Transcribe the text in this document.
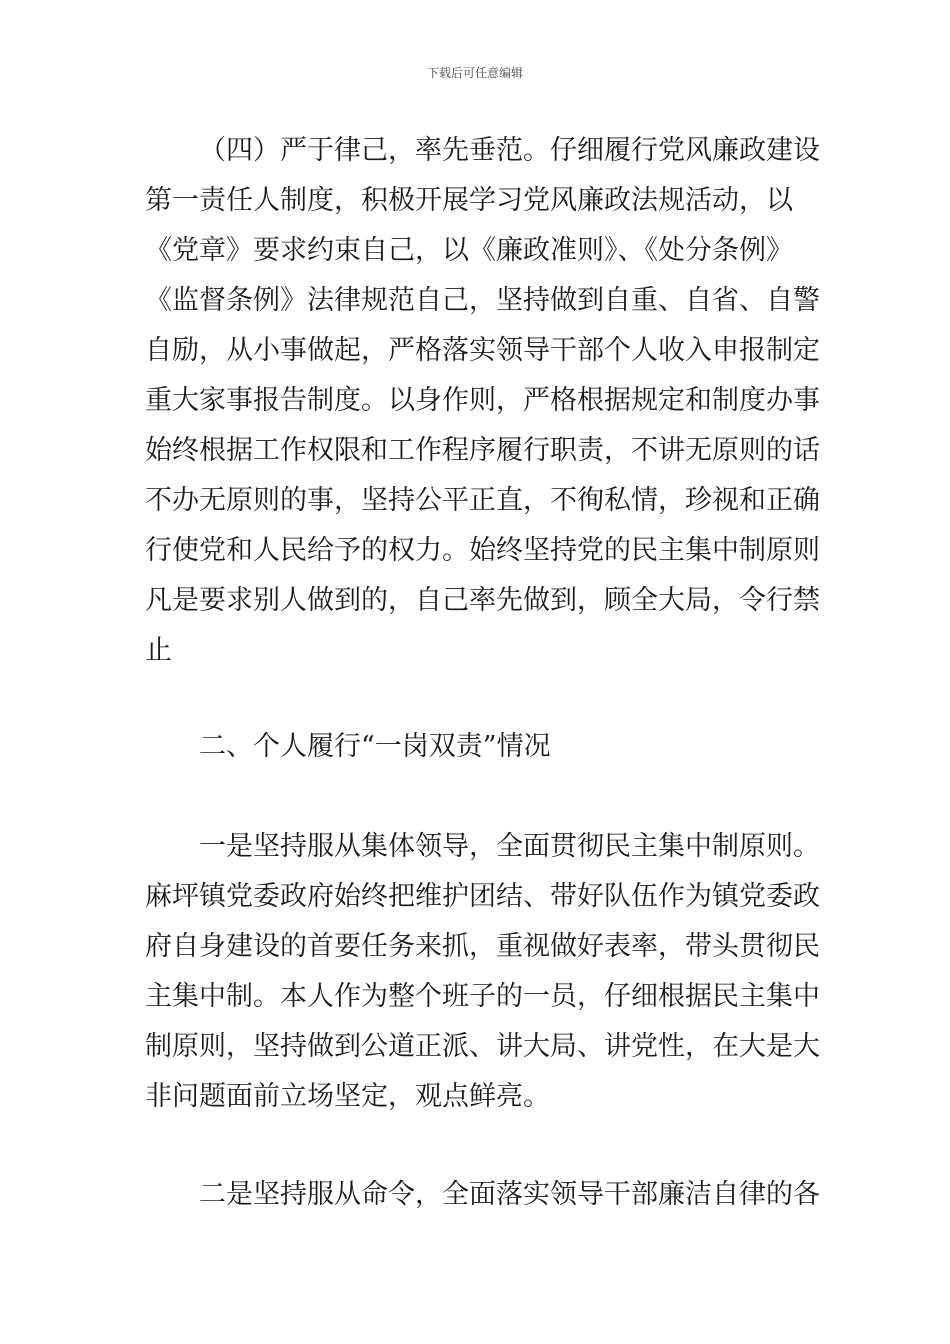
下载后可任意编辑
（四）严于律己，率先垂范。仔细履行党风廉政建设
第一责任人制度，积极开展学习党风廉政法规活动，以
《党章》要求约束自己，以《廉政准则》、《处分条例》
《监督条例》法律规范自己，坚持做到自重、自省、自警
自励，从小事做起，严格落实领导干部个人收入申报制定
重大家事报告制度。以身作则，严格根据规定和制度办事
始终根据工作权限和工作程序履行职责，不讲无原则的话
不办无原则的事，坚持公平正直，不徇私情，珍视和正确
行使党和人民给予的权力。始终坚持党的民主集中制原则
凡是要求别人做到的，自己率先做到，顾全大局，令行禁
止
二、个人履行“一岗双责”情况
一是坚持服从集体领导，全面贯彻民主集中制原则。
麻坪镇党委政府始终把维护团结、带好队伍作为镇党委政
府自身建设的首要任务来抓，重视做好表率，带头贯彻民
主集中制。本人作为整个班子的一员，仔细根据民主集中
制原则，坚持做到公道正派、讲大局、讲党性，在大是大
非问题面前立场坚定，观点鲜亮。
二是坚持服从命令，全面落实领导干部廉洁自律的各
